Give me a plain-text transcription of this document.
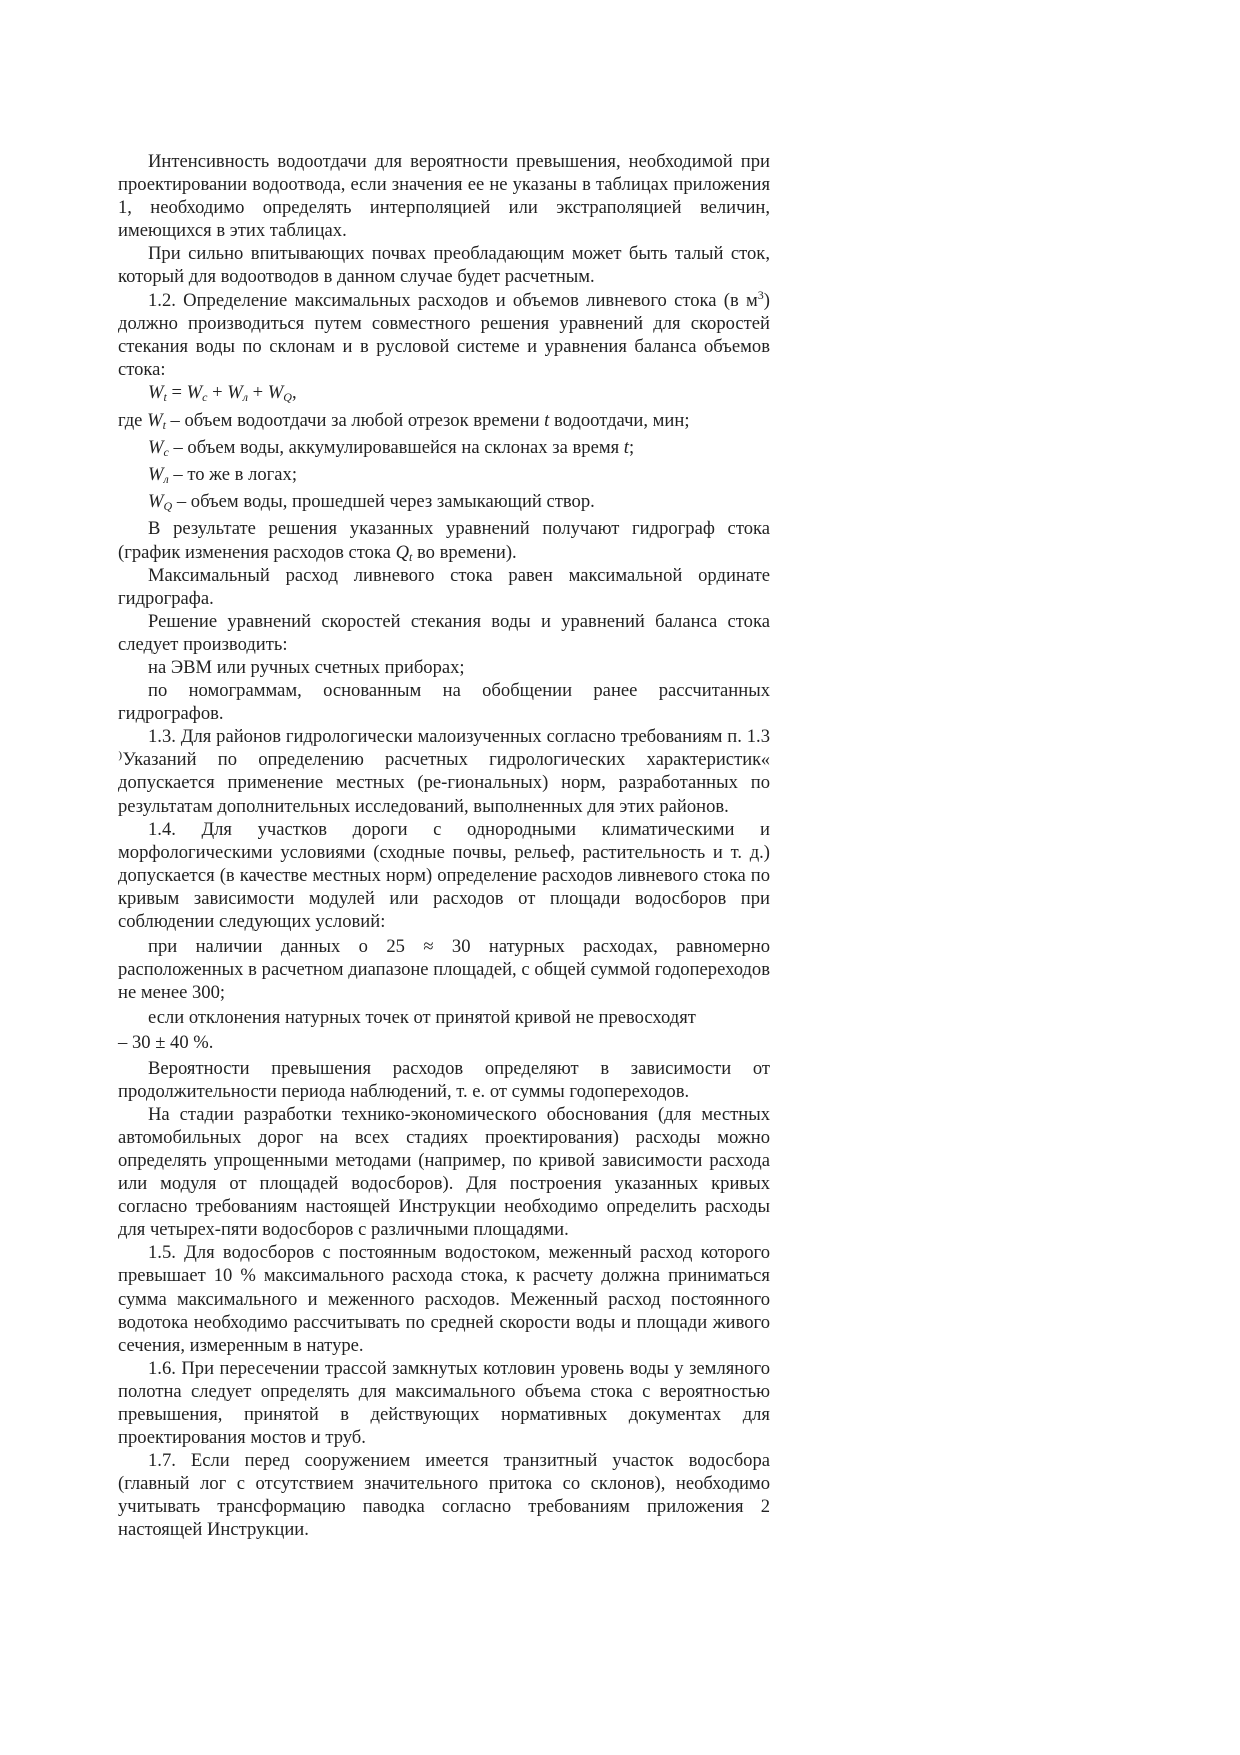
Интенсивность водоотдачи для вероятности превышения, необходимой при проектировании водоотвода, если значения ее не указаны в таблицах приложения 1, необходимо определять интерполяцией или экстраполяцией величин, имеющихся в этих таблицах.

При сильно впитывающих почвах преобладающим может быть талый сток, который для водоотводов в данном случае будет расчетным.

1.2. Определение максимальных расходов и объемов ливневого стока (в $м^3$) должно производиться путем совместного решения уравнений для скоростей стекания воды по склонам и в русловой системе и уравнения баланса объемов стока:

$W_t = W_с + W_л + W_Q$,

где $W_t$ – объем водоотдачи за любой отрезок времени t водоотдачи, мин;

$W_с$ – объем воды, аккумулировавшейся на склонах за время t;

$W_л$ – то же в логах;

$W_Q$ – объем воды, прошедшей через замыкающий створ.

В результате решения указанных уравнений получают гидрограф стока (график изменения расходов стока $Q_t$ во времени).

Максимальный расход ливневого стока равен максимальной ординате гидрографа.

Решение уравнений скоростей стекания воды и уравнений баланса стока следует производить:

на ЭВМ или ручных счетных приборах;

по номограммам, основанным на обобщении ранее рассчитанных гидрографов.

1.3. Для районов гидрологически малоизученных согласно требованиям п. 1.3 ⁾Указаний по определению расчетных гидрологических характеристик« допускается применение местных (ре-гиональных) норм, разработанных по результатам дополнительных исследований, выполненных для этих районов.

1.4. Для участков дороги с однородными климатическими и морфологическими условиями (сходные почвы, рельеф, растительность и т. д.) допускается (в качестве местных норм) определение расходов ливневого стока по кривым зависимости модулей или расходов от площади водосборов при соблюдении следующих условий:

при наличии данных о 25 ≈ 30 натурных расходах, равномерно расположенных в расчетном диапазоне площадей, с общей суммой годопереходов не менее 300;

если отклонения натурных точек от принятой кривой не превосходят

– 30 ± 40 %.

Вероятности превышения расходов определяют в зависимости от продолжительности периода наблюдений, т. е. от суммы годопереходов.

На стадии разработки технико-экономического обоснования (для местных автомобильных дорог на всех стадиях проектирования) расходы можно определять упрощенными методами (например, по кривой зависимости расхода или модуля от площадей водосборов). Для построения указанных кривых согласно требованиям настоящей Инструкции необходимо определить расходы для четырех-пяти водосборов с различными площадями.

1.5. Для водосборов с постоянным водостоком, меженный расход которого превышает 10 % максимального расхода стока, к расчету должна приниматься сумма максимального и меженного расходов. Меженный расход постоянного водотока необходимо рассчитывать по средней скорости воды и площади живого сечения, измеренным в натуре.

1.6. При пересечении трассой замкнутых котловин уровень воды у земляного полотна следует определять для максимального объема стока с вероятностью превышения, принятой в действующих нормативных документах для проектирования мостов и труб.

1.7. Если перед сооружением имеется транзитный участок водосбора (главный лог с отсутствием значительного притока со склонов), необходимо учитывать трансформацию паводка согласно требованиям приложения 2 настоящей Инструкции.
